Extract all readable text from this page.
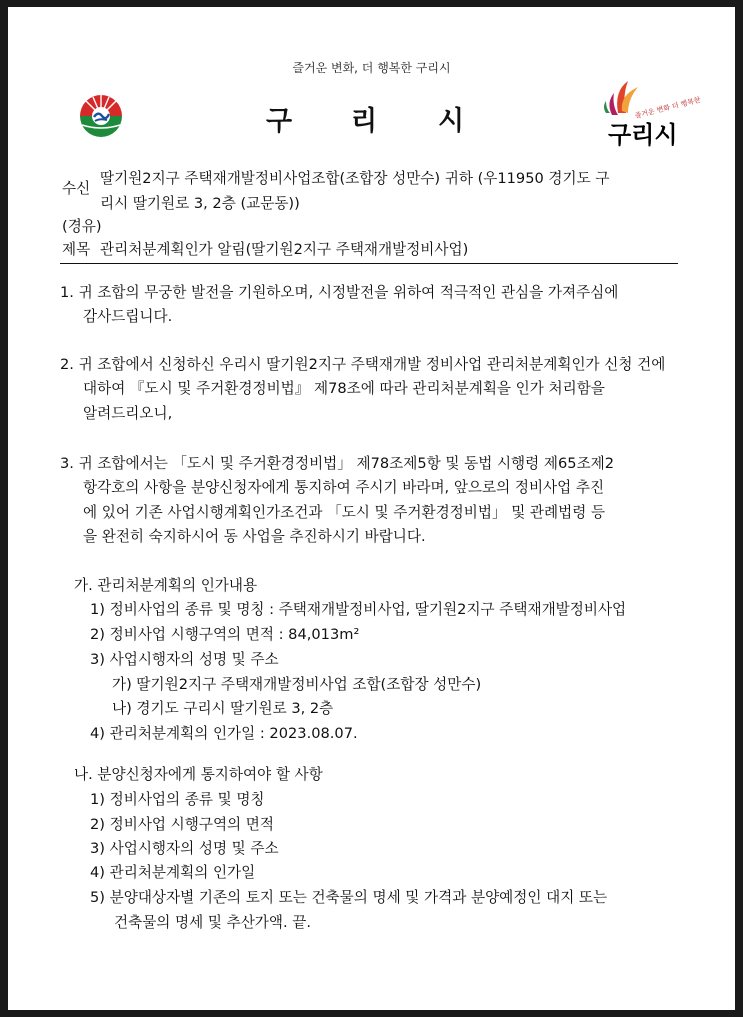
즐거운 변화, 더 행복한 구리시
구 리 시	즐거운 변화 더 행복한
구리시
수신
딸기원2지구 주택재개발정비사업조합(조합장 성만수) 귀하 (우11950 경기도 구
리시 딸기원로 3, 2층 (교문동))
(경유)
제목 관리처분계획인가 알림(딸기원2지구 주택재개발정비사업)
1. 귀 조합의 무궁한 발전을 기원하오며, 시정발전을 위하여 적극적인 관심을 가져주심에
감사드립니다.
2. 귀 조합에서 신청하신 우리시 딸기원2지구 주택재개발 정비사업 관리처분계획인가 신청 건에
대하여 『도시 및 주거환경정비법』 제78조에 따라 관리처분계획을 인가 처리함을
알려드리오니,
3. 귀 조합에서는 「도시 및 주거환경정비법」 제78조제5항 및 동법 시행령 제65조제2
항각호의 사항을 분양신청자에게 통지하여 주시기 바라며, 앞으로의 정비사업 추진
에 있어 기존 사업시행계획인가조건과 「도시 및 주거환경정비법」 및 관례법령 등
을 완전히 숙지하시어 동 사업을 추진하시기 바랍니다.
가. 관리처분계획의 인가내용
1) 정비사업의 종류 및 명칭 : 주택재개발정비사업, 딸기원2지구 주택재개발정비사업
2) 정비사업 시행구역의 면적 : 84,013m²
3) 사업시행자의 성명 및 주소
가) 딸기원2지구 주택재개발정비사업 조합(조합장 성만수)
나) 경기도 구리시 딸기원로 3, 2층
4) 관리처분계획의 인가일 : 2023.08.07.
나. 분양신청자에게 통지하여야 할 사항
1) 정비사업의 종류 및 명칭
2) 정비사업 시행구역의 면적
3) 사업시행자의 성명 및 주소
4) 관리처분계획의 인가일
5) 분양대상자별 기존의 토지 또는 건축물의 명세 및 가격과 분양예정인 대지 또는
건축물의 명세 및 추산가액. 끝.
